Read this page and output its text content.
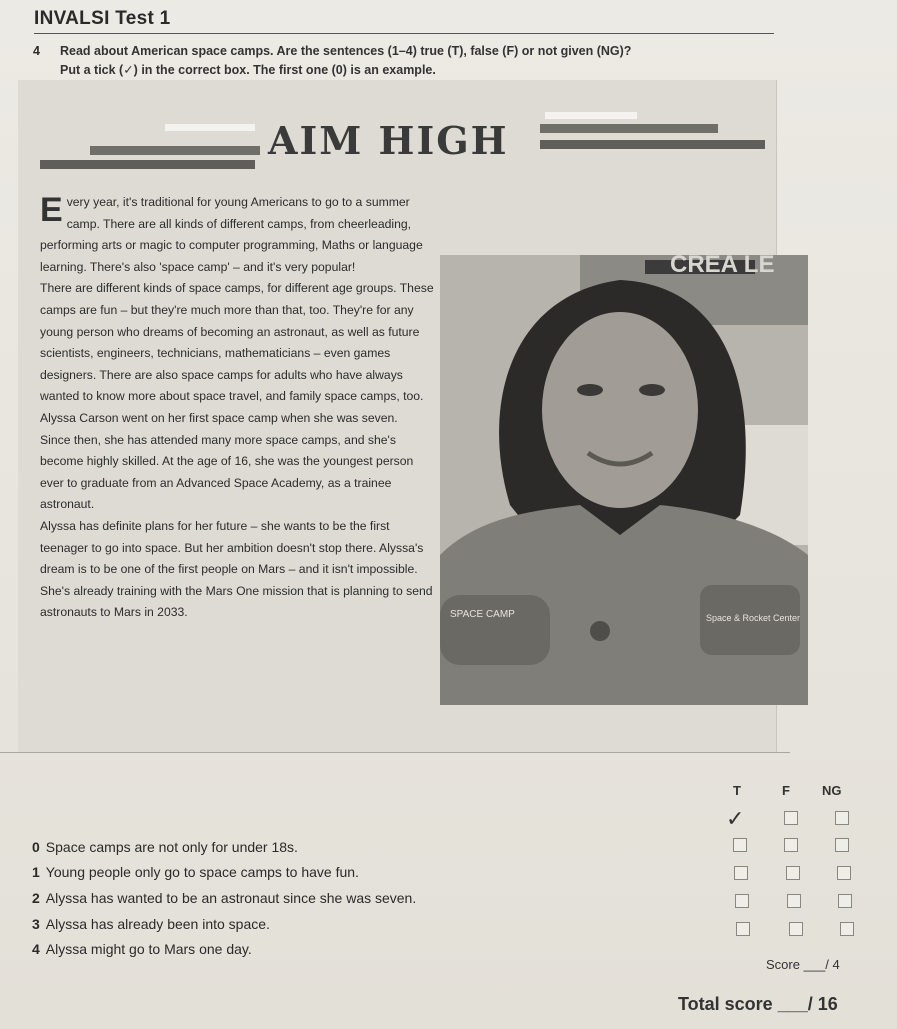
INVALSI Test 1
4 Read about American space camps. Are the sentences (1–4) true (T), false (F) or not given (NG)?
Put a tick (✓) in the correct box. The first one (0) is an example.
AIM HIGH

Every year, it's traditional for young Americans to go to a summer camp. There are all kinds of different camps, from cheerleading, performing arts or magic to computer programming, Maths or language learning. There's also 'space camp' – and it's very popular!

There are different kinds of space camps, for different age groups. These camps are fun – but they're much more than that, too. They're for any young person who dreams of becoming an astronaut, as well as future scientists, engineers, technicians, mathematicians – even games designers. There are also space camps for adults who have always wanted to know more about space travel, and family space camps, too.

Alyssa Carson went on her first space camp when she was seven. Since then, she has attended many more space camps, and she's become highly skilled. At the age of 16, she was the youngest person ever to graduate from an Advanced Space Academy, as a trainee astronaut.

Alyssa has definite plans for her future – she wants to be the first teenager to go into space. But her ambition doesn't stop there. Alyssa's dream is to be one of the first people on Mars – and it isn't impossible. She's already training with the Mars One mission that is planning to send astronauts to Mars in 2033.

CREA LE
SPACE CAMP	Space & Rocket Center
T	F NG
✓
0 Space camps are not only for under 18s.
1 Young people only go to space camps to have fun.
2 Alyssa has wanted to be an astronaut since she was seven.
3 Alyssa has already been into space.
4 Alyssa might go to Mars one day.
Score ___/ 4
Total score ___/ 16
